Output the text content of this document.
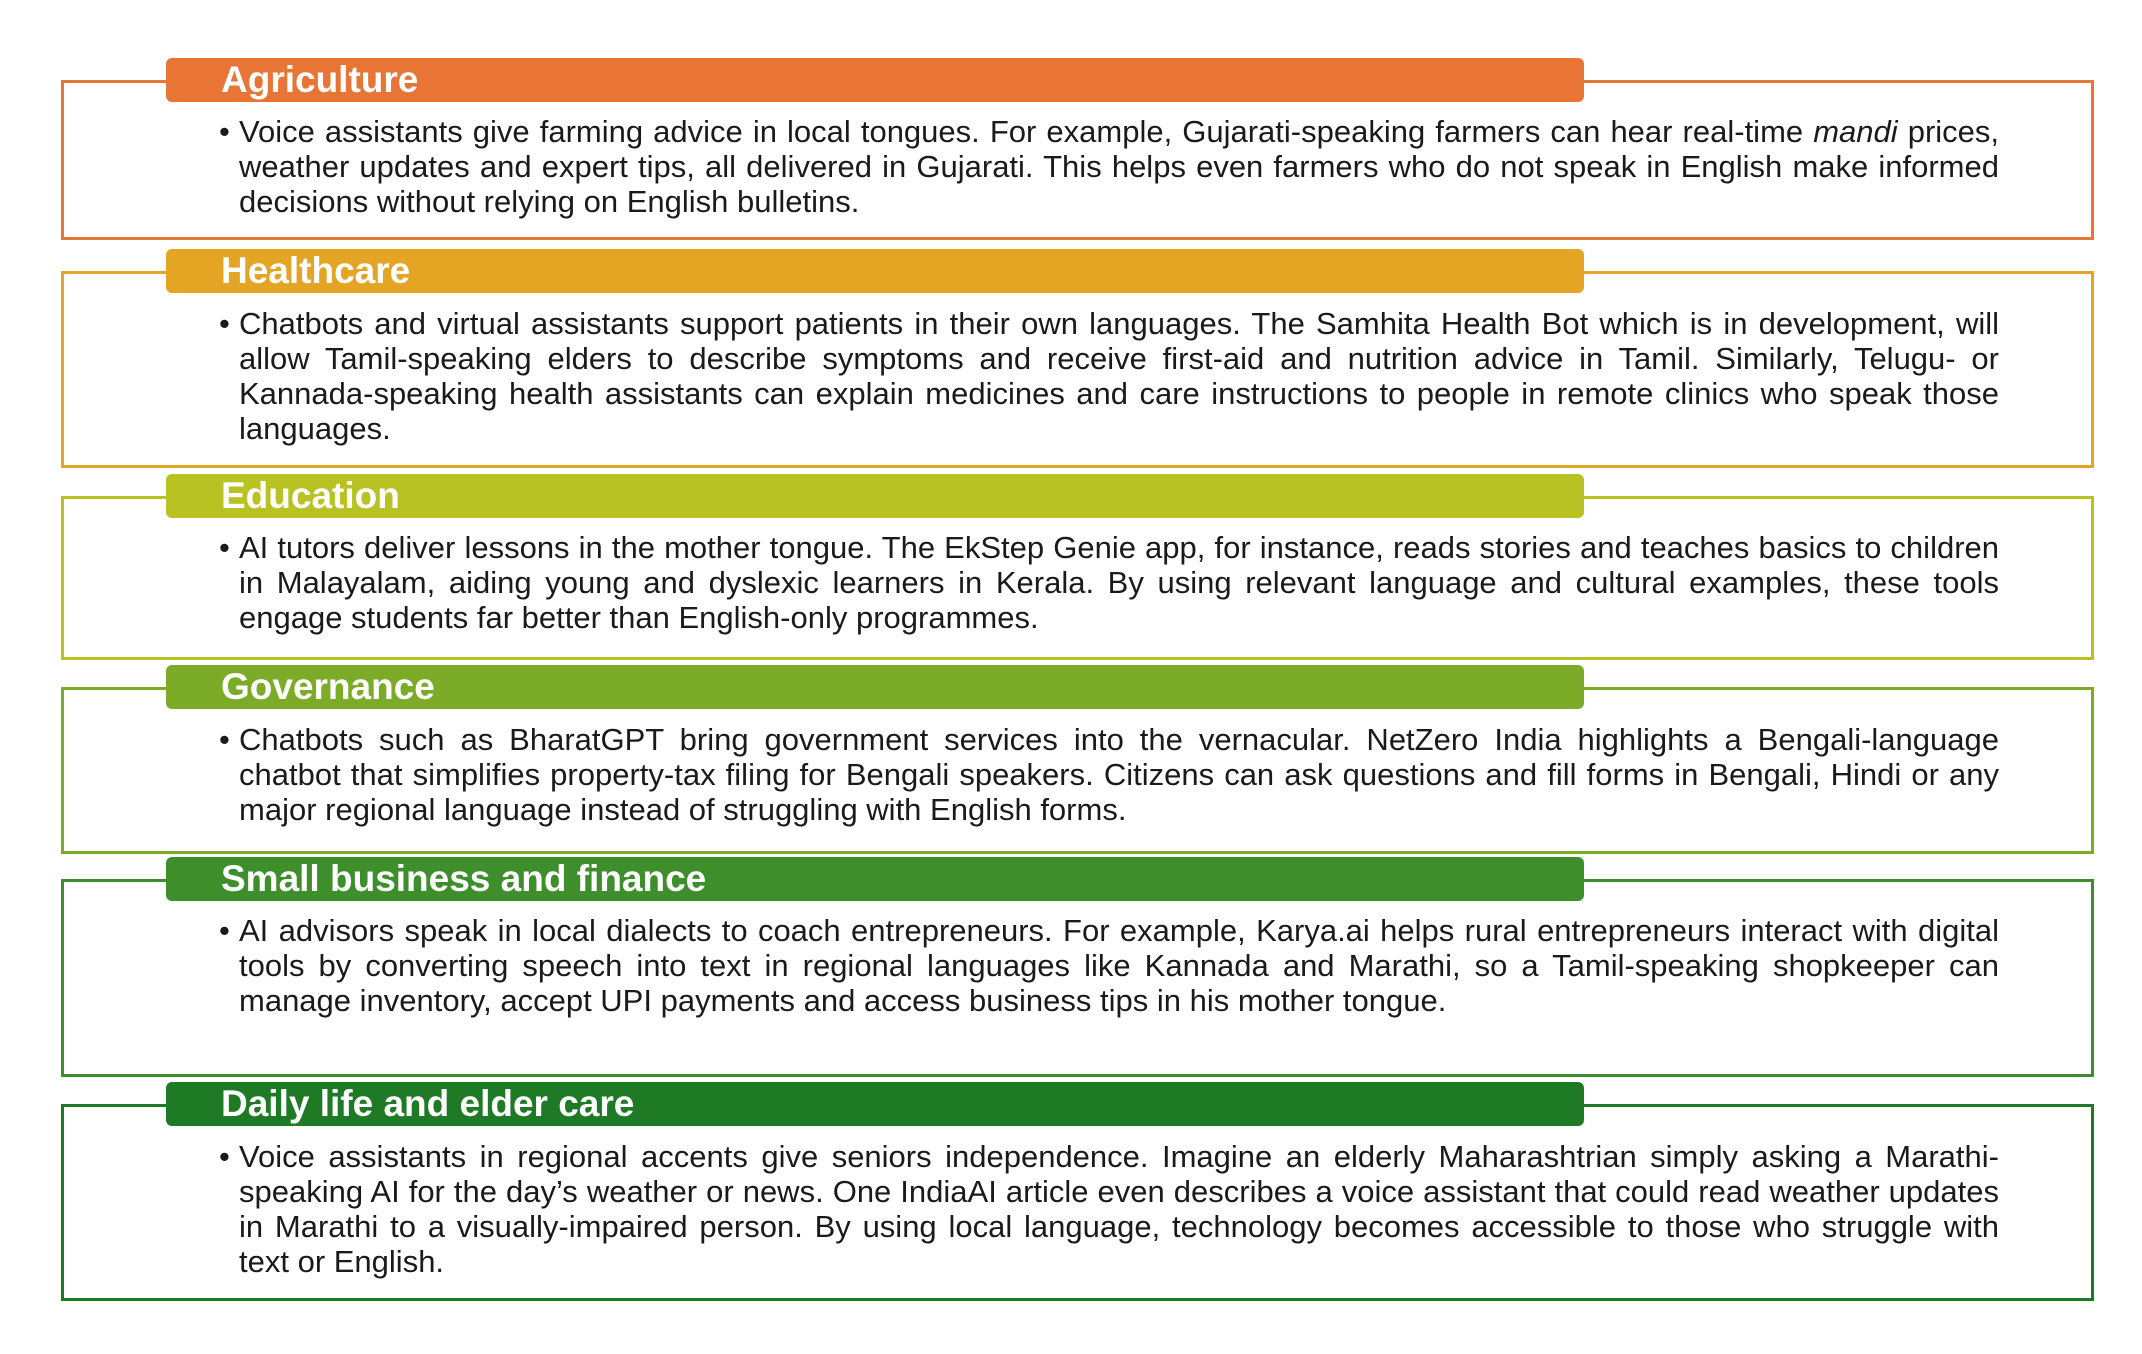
Agriculture
• Voice assistants give farming advice in local tongues. For example, Gujarati-speaking farmers can hear real-time mandi prices, weather updates and expert tips, all delivered in Gujarati. This helps even farmers who do not speak in English make informed decisions without relying on English bulletins.

Healthcare
• Chatbots and virtual assistants support patients in their own languages. The Samhita Health Bot which is in development, will allow Tamil-speaking elders to describe symptoms and receive first-aid and nutrition advice in Tamil. Similarly, Telugu- or Kannada-speaking health assistants can explain medicines and care instructions to people in remote clinics who speak those languages.

Education
• AI tutors deliver lessons in the mother tongue. The EkStep Genie app, for instance, reads stories and teaches basics to children in Malayalam, aiding young and dyslexic learners in Kerala. By using relevant language and cultural examples, these tools engage students far better than English-only programmes.

Governance
• Chatbots such as BharatGPT bring government services into the vernacular. NetZero India highlights a Bengali-language chatbot that simplifies property-tax filing for Bengali speakers. Citizens can ask questions and fill forms in Bengali, Hindi or any major regional language instead of struggling with English forms.

Small business and finance
• AI advisors speak in local dialects to coach entrepreneurs. For example, Karya.ai helps rural entrepreneurs interact with digital tools by converting speech into text in regional languages like Kannada and Marathi, so a Tamil-speaking shopkeeper can manage inventory, accept UPI payments and access business tips in his mother tongue.

Daily life and elder care
• Voice assistants in regional accents give seniors independence. Imagine an elderly Maharashtrian simply asking a Marathi-speaking AI for the day’s weather or news. One IndiaAI article even describes a voice assistant that could read weather updates in Marathi to a visually-impaired person. By using local language, technology becomes accessible to those who struggle with text or English.
